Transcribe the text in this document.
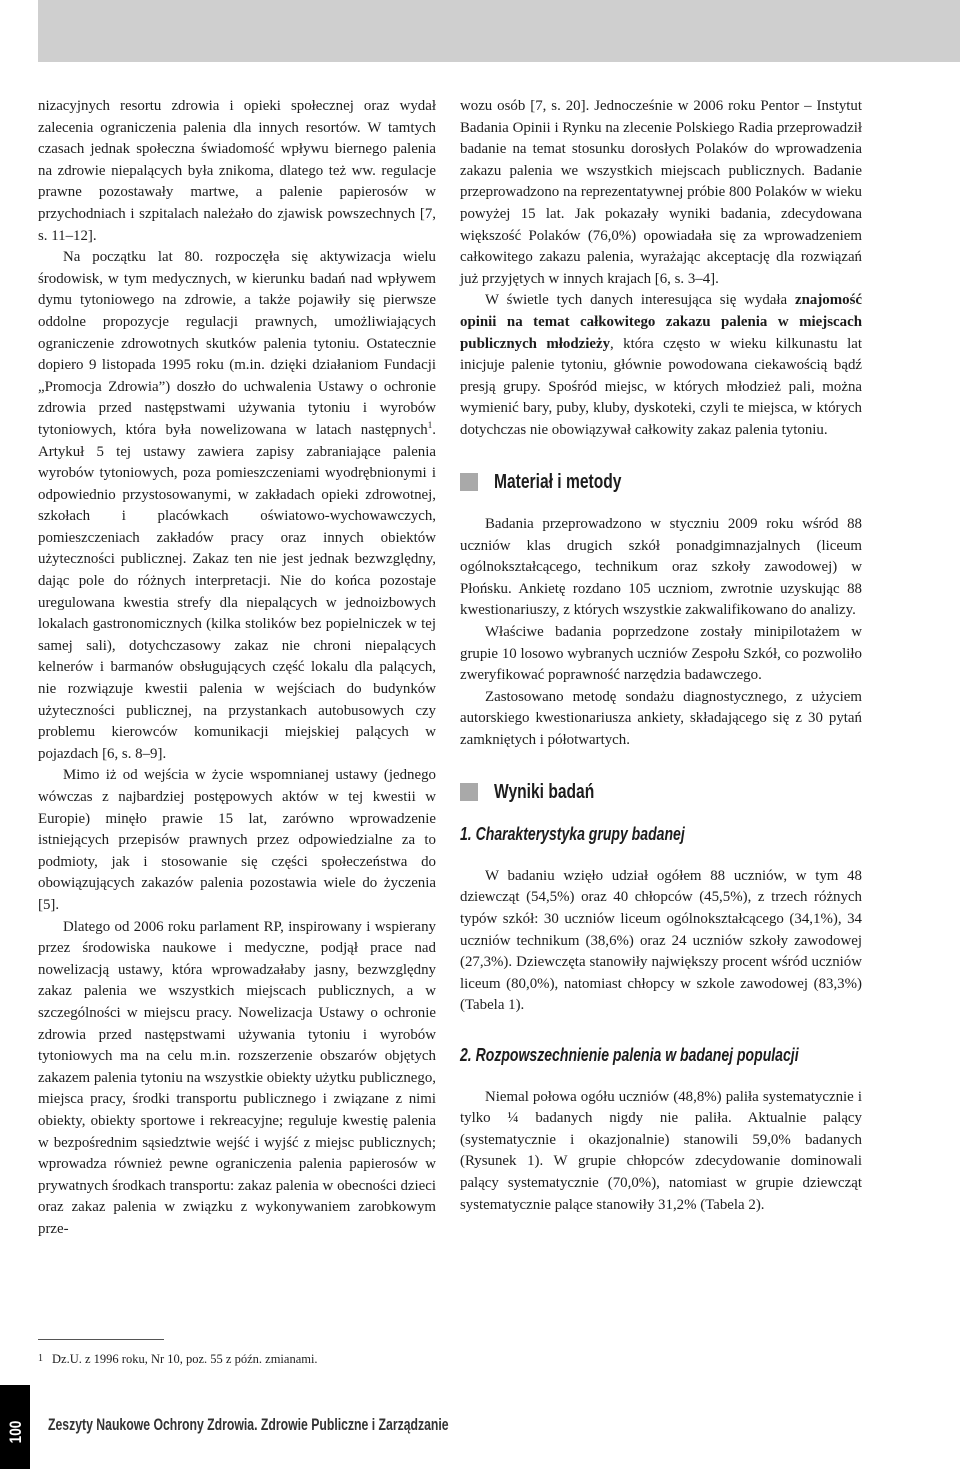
nizacyjnych resortu zdrowia i opieki społecznej oraz wydał zalecenia ograniczenia palenia dla innych resortów. W tamtych czasach jednak społeczna świadomość wpływu biernego palenia na zdrowie niepalących była znikoma, dlatego też ww. regulacje prawne pozostawały martwe, a palenie papierosów w przychodniach i szpitalach należało do zjawisk powszechnych [7, s. 11–12].

Na początku lat 80. rozpoczęła się aktywizacja wielu środowisk, w tym medycznych, w kierunku badań nad wpływem dymu tytoniowego na zdrowie, a także pojawiły się pierwsze oddolne propozycje regulacji prawnych, umożliwiających ograniczenie zdrowotnych skutków palenia tytoniu. Ostatecznie dopiero 9 listopada 1995 roku (m.in. dzięki działaniom Fundacji „Promocja Zdrowia”) doszło do uchwalenia Ustawy o ochronie zdrowia przed następstwami używania tytoniu i wyrobów tytoniowych, która była nowelizowana w latach następnych$^1$. Artykuł 5 tej ustawy zawiera zapisy zabraniające palenia wyrobów tytoniowych, poza pomieszczeniami wyodrębnionymi i odpowiednio przystosowanymi, w zakładach opieki zdrowotnej, szkołach i placówkach oświatowo-wychowawczych, pomieszczeniach zakładów pracy oraz innych obiektów użyteczności publicznej. Zakaz ten nie jest jednak bezwzględny, dając pole do różnych interpretacji. Nie do końca pozostaje uregulowana kwestia strefy dla niepalących w jednoizbowych lokalach gastronomicznych (kilka stolików bez popielniczek w tej samej sali), dotychczasowy zakaz nie chroni niepalących kelnerów i barmanów obsługujących część lokalu dla palących, nie rozwiązuje kwestii palenia w wejściach do budynków użyteczności publicznej, na przystankach autobusowych czy problemu kierowców komunikacji miejskiej palących w pojazdach [6, s. 8–9].

Mimo iż od wejścia w życie wspomnianej ustawy (jednego wówczas z najbardziej postępowych aktów w tej kwestii w Europie) minęło prawie 15 lat, zarówno wprowadzenie istniejących przepisów prawnych przez odpowiedzialne za to podmioty, jak i stosowanie się części społeczeństwa do obowiązujących zakazów palenia pozostawia wiele do życzenia [5].

Dlatego od 2006 roku parlament RP, inspirowany i wspierany przez środowiska naukowe i medyczne, podjął prace nad nowelizacją ustawy, która wprowadzałaby jasny, bezwzględny zakaz palenia we wszystkich miejscach publicznych, a w szczególności w miejscu pracy. Nowelizacja Ustawy o ochronie zdrowia przed następstwami używania tytoniu i wyrobów tytoniowych ma na celu m.in. rozszerzenie obszarów objętych zakazem palenia tytoniu na wszystkie obiekty użytku publicznego, miejsca pracy, środki transportu publicznego i związane z nimi obiekty, obiekty sportowe i rekreacyjne; reguluje kwestię palenia w bezpośrednim sąsiedztwie wejść i wyjść z miejsc publicznych; wprowadza również pewne ograniczenia palenia papierosów w prywatnych środkach transportu: zakaz palenia w obecności dzieci oraz zakaz palenia w związku z wykonywaniem zarobkowym prze-

wozu osób [7, s. 20]. Jednocześnie w 2006 roku Pentor – Instytut Badania Opinii i Rynku na zlecenie Polskiego Radia przeprowadził badanie na temat stosunku dorosłych Polaków do wprowadzenia zakazu palenia we wszystkich miejscach publicznych. Badanie przeprowadzono na reprezentatywnej próbie 800 Polaków w wieku powyżej 15 lat. Jak pokazały wyniki badania, zdecydowana większość Polaków (76,0%) opowiadała się za wprowadzeniem całkowitego zakazu palenia, wyrażając akceptację dla rozwiązań już przyjętych w innych krajach [6, s. 3–4].

W świetle tych danych interesująca się wydała znajomość opinii na temat całkowitego zakazu palenia w miejscach publicznych młodzieży, która często w wieku kilkunastu lat inicjuje palenie tytoniu, głównie powodowana ciekawością bądź presją grupy. Spośród miejsc, w których młodzież pali, można wymienić bary, puby, kluby, dyskoteki, czyli te miejsca, w których dotychczas nie obowiązywał całkowity zakaz palenia tytoniu.

Materiał i metody

Badania przeprowadzono w styczniu 2009 roku wśród 88 uczniów klas drugich szkół ponadgimnazjalnych (liceum ogólnokształcącego, technikum oraz szkoły zawodowej) w Płońsku. Ankietę rozdano 105 uczniom, zwrotnie uzyskując 88 kwestionariuszy, z których wszystkie zakwalifikowano do analizy.

Właściwe badania poprzedzone zostały minipilotażem w grupie 10 losowo wybranych uczniów Zespołu Szkół, co pozwoliło zweryfikować poprawność narzędzia badawczego.

Zastosowano metodę sondażu diagnostycznego, z użyciem autorskiego kwestionariusza ankiety, składającego się z 30 pytań zamkniętych i półotwartych.

Wyniki badań
1. Charakterystyka grupy badanej

W badaniu wzięło udział ogółem 88 uczniów, w tym 48 dziewcząt (54,5%) oraz 40 chłopców (45,5%), z trzech różnych typów szkół: 30 uczniów liceum ogólnokształcącego (34,1%), 34 uczniów technikum (38,6%) oraz 24 uczniów szkoły zawodowej (27,3%). Dziewczęta stanowiły największy procent wśród uczniów liceum (80,0%), natomiast chłopcy w szkole zawodowej (83,3%) (Tabela 1).

2. Rozpowszechnienie palenia w badanej populacji

Niemal połowa ogółu uczniów (48,8%) paliła systematycznie i tylko ¼ badanych nigdy nie paliła. Aktualnie palący (systematycznie i okazjonalnie) stanowili 59,0% badanych (Rysunek 1). W grupie chłopców zdecydowanie dominowali palący systematycznie (70,0%), natomiast w grupie dziewcząt systematycznie palące stanowiły 31,2% (Tabela 2).

1 Dz.U. z 1996 roku, Nr 10, poz. 55 z późn. zmianami.
100 Zeszyty Naukowe Ochrony Zdrowia. Zdrowie Publiczne i Zarządzanie
